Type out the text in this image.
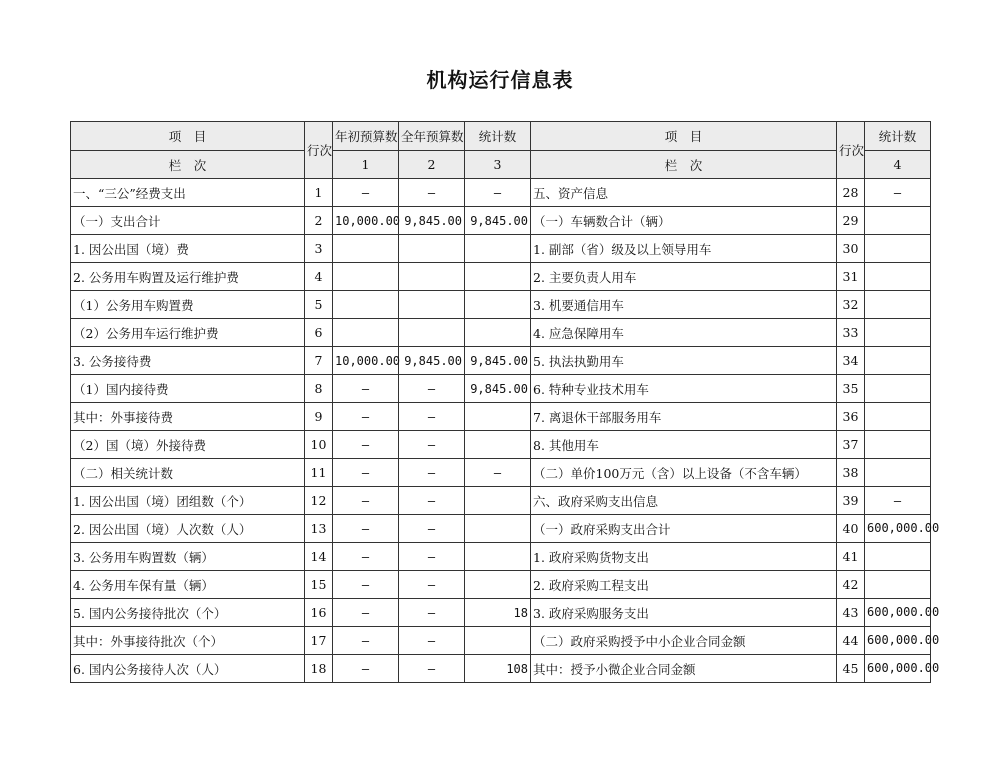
机构运行信息表
项　目	行次	年初预算数	全年预算数	统计数	项　目	行次	统计数
栏　次		1	2	3	栏　次		4
一、“三公”经费支出	1	—	—	—	五、资产信息	28	—
（一）支出合计	2	10,000.00	9,845.00	9,845.00	（一）车辆数合计（辆）	29	
1. 因公出国（境）费	3				1. 副部（省）级及以上领导用车	30	
2. 公务用车购置及运行维护费	4				2. 主要负责人用车	31	
（1）公务用车购置费	5				3. 机要通信用车	32	
（2）公务用车运行维护费	6				4. 应急保障用车	33	
3. 公务接待费	7	10,000.00	9,845.00	9,845.00	5. 执法执勤用车	34	
（1）国内接待费	8	—	—	9,845.00	6. 特种专业技术用车	35	
其中：外事接待费	9	—	—		7. 离退休干部服务用车	36	
（2）国（境）外接待费	10	—	—		8. 其他用车	37	
（二）相关统计数	11	—	—	—	（二）单价100万元（含）以上设备（不含车辆）	38	
1. 因公出国（境）团组数（个）	12	—	—		六、政府采购支出信息	39	—
2. 因公出国（境）人次数（人）	13	—	—		（一）政府采购支出合计	40	600,000.00
3. 公务用车购置数（辆）	14	—	—		1. 政府采购货物支出	41	
4. 公务用车保有量（辆）	15	—	—		2. 政府采购工程支出	42	
5. 国内公务接待批次（个）	16	—	—	18	3. 政府采购服务支出	43	600,000.00
其中：外事接待批次（个）	17	—	—		（二）政府采购授予中小企业合同金额	44	600,000.00
6. 国内公务接待人次（人）	18	—	—	108	其中：授予小微企业合同金额	45	600,000.00
